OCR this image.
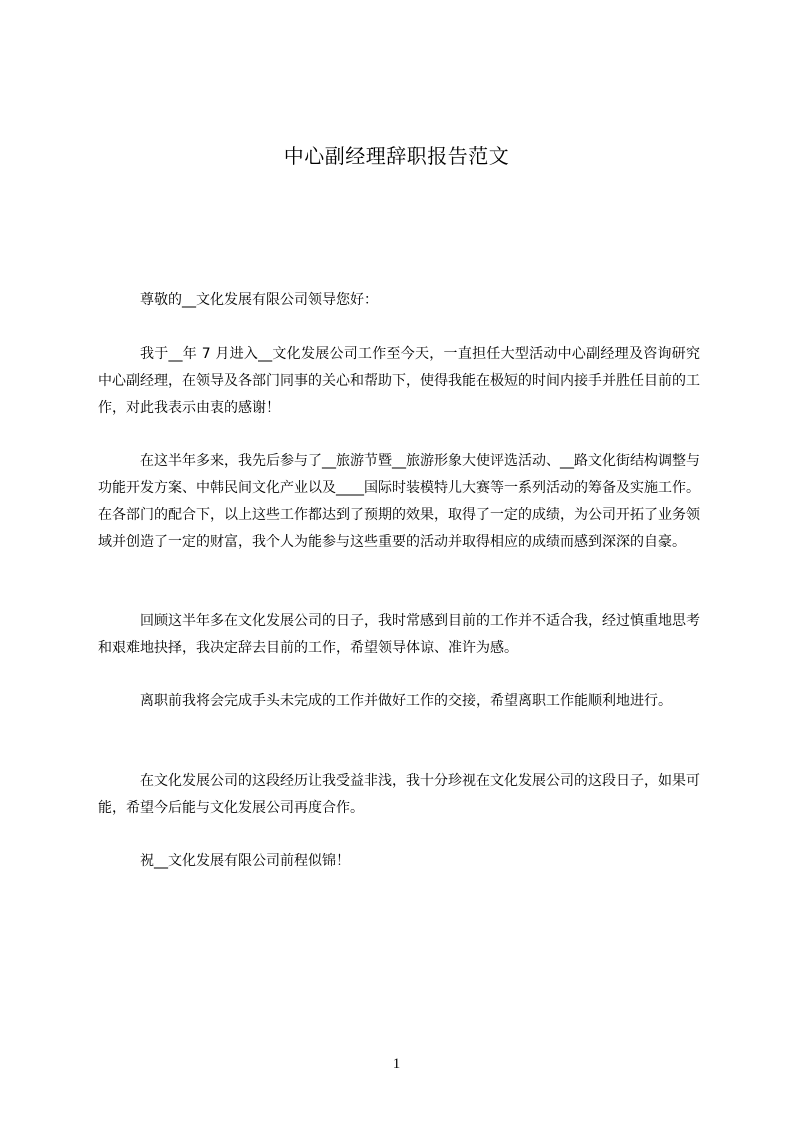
中心副经理辞职报告范文
尊敬的__文化发展有限公司领导您好：
我于__年 7 月进入__文化发展公司工作至今天，一直担任大型活动中心副经理及咨询研究中心副经理，在领导及各部门同事的关心和帮助下，使得我能在极短的时间内接手并胜任目前的工作，对此我表示由衷的感谢！
在这半年多来，我先后参与了__旅游节暨__旅游形象大使评选活动、__路文化街结构调整与功能开发方案、中韩民间文化产业以及____国际时装模特儿大赛等一系列活动的筹备及实施工作。在各部门的配合下，以上这些工作都达到了预期的效果，取得了一定的成绩，为公司开拓了业务领域并创造了一定的财富，我个人为能参与这些重要的活动并取得相应的成绩而感到深深的自豪。
回顾这半年多在文化发展公司的日子，我时常感到目前的工作并不适合我，经过慎重地思考和艰难地抉择，我决定辞去目前的工作，希望领导体谅、准许为感。
离职前我将会完成手头未完成的工作并做好工作的交接，希望离职工作能顺利地进行。
在文化发展公司的这段经历让我受益非浅，我十分珍视在文化发展公司的这段日子，如果可能，希望今后能与文化发展公司再度合作。
祝__文化发展有限公司前程似锦！
1
